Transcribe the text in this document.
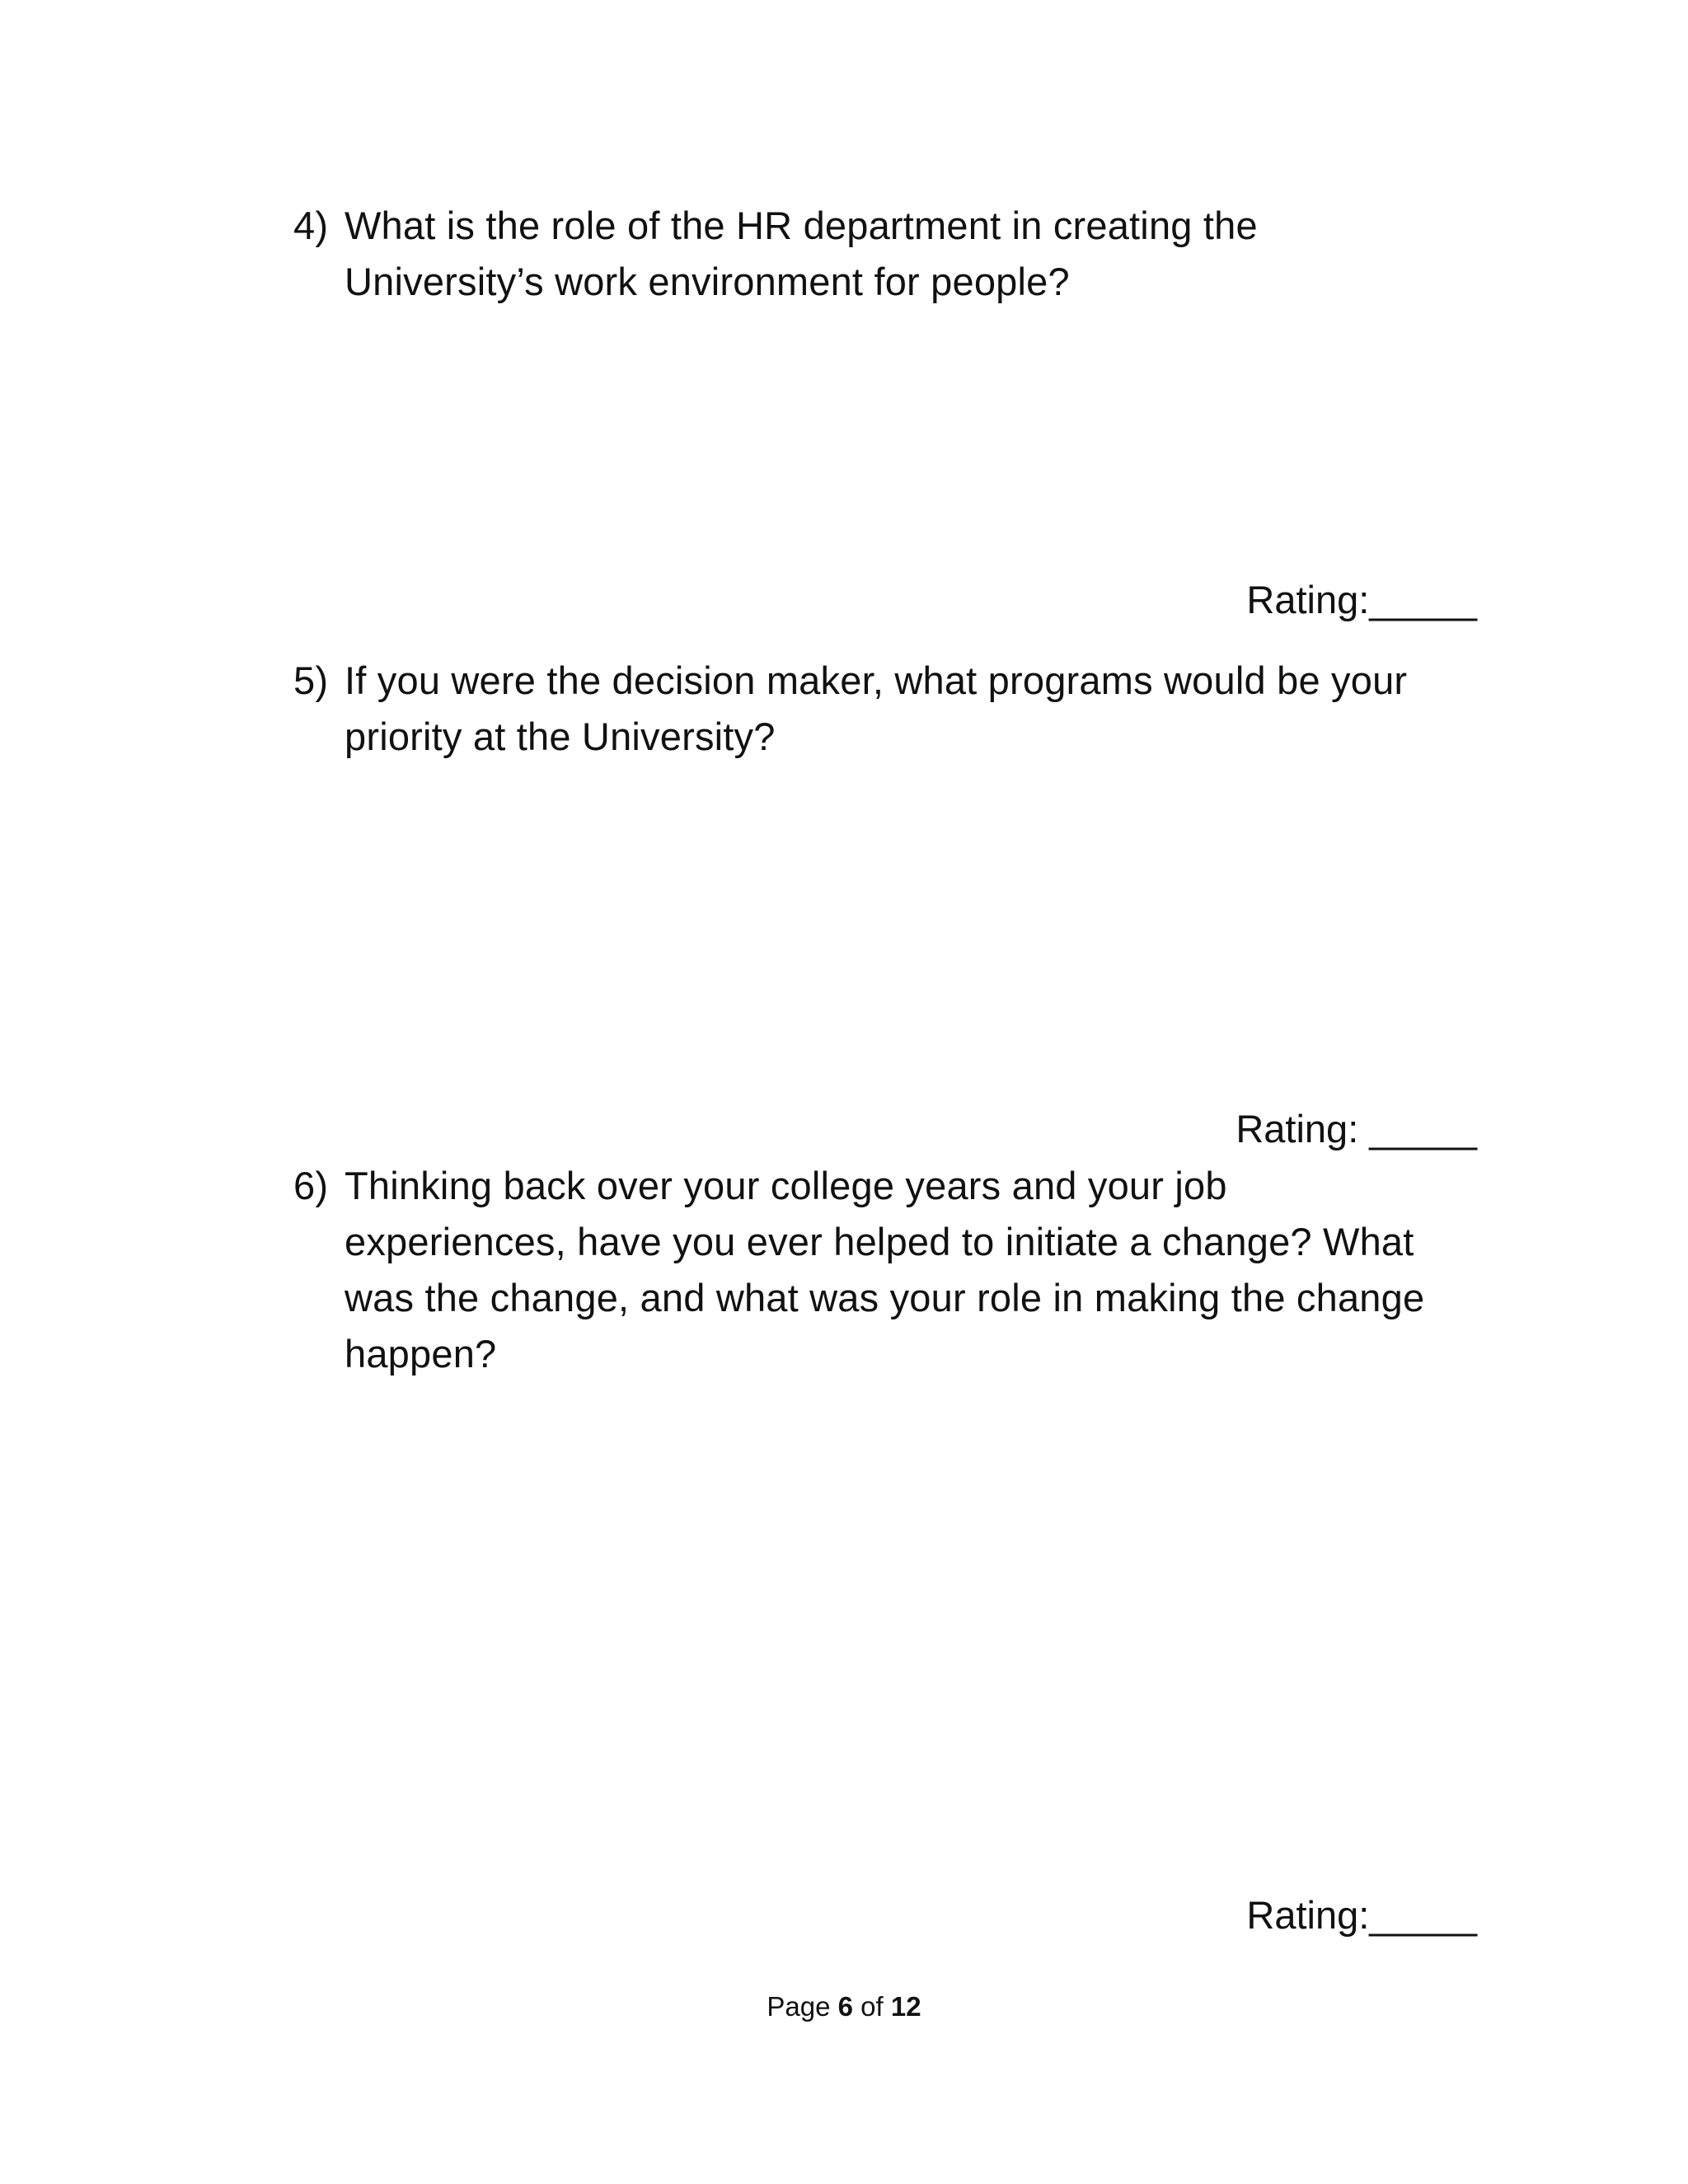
4) What is the role of the HR department in creating the
University’s work environment for people?
Rating:_____
5) If you were the decision maker, what programs would be your
priority at the University?
Rating: _____
6) Thinking back over your college years and your job
experiences, have you ever helped to initiate a change? What
was the change, and what was your role in making the change
happen?
Rating:_____
Page 6 of 12
